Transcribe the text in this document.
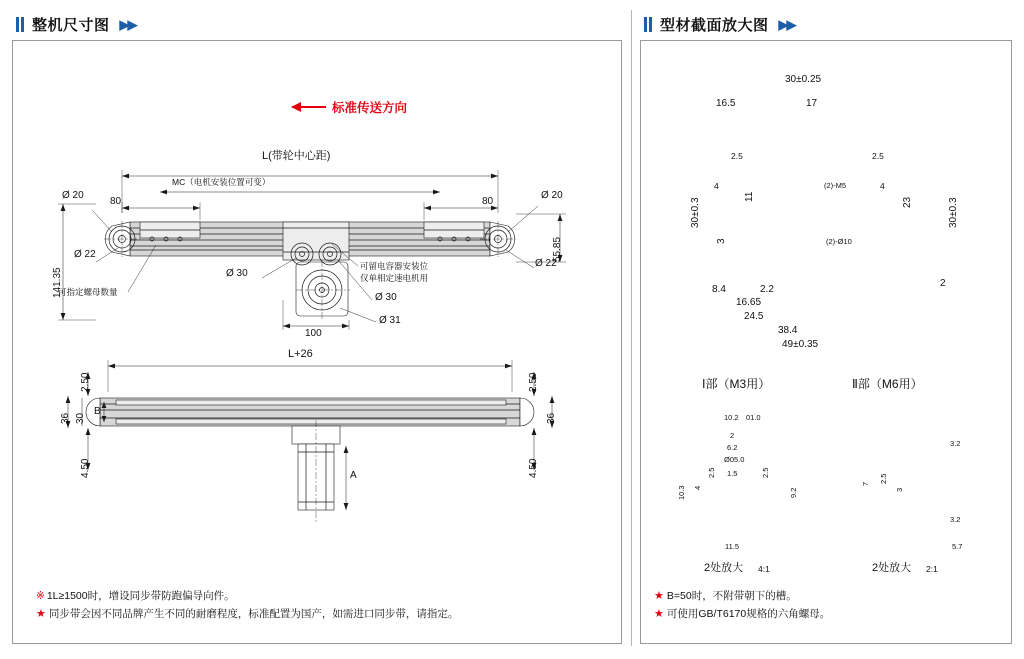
整机尺寸图 ▶▶	型材截面放大图 ▶▶
标准传送方向
L(带轮中心距)
MC（电机安装位置可变）
Ø 20	Ø 20
Ø 22
Ø 22
80	80
Ø 30
Ø 30
Ø 31
100
141.35
55.85
可指定螺母数量
可留电容器安装位
仅单相定速电机用
L+26
2.50	2.50
4.50	4.50
36	36
30
B
A
※ 1L≥1500时，增设同步带防跑偏导向件。
★ 同步带会因不同品牌产生不同的耐磨程度，标准配置为国产，如需进口同步带，请指定。
30±0.25
16.5	17
30±0.3	30±0.3
2.5	2.5
4	4
23
11
3
(2)-M5
(2)-Ø10
8.4	2.2
16.65
24.5
38.4
49±0.35
2
Ⅰ部（M3用）	Ⅱ部（M6用）
10.2 01.0
2
6.2
Ø05.0
10.3 4
2.5	2.5
1.5
9.2
11.5
3.2
2.5
7
3
3.2
5.7
2处放大 4:1	2处放大 2:1
★ B=50时，不附带朝下的槽。
★ 可使用GB/T6170规格的六角螺母。
